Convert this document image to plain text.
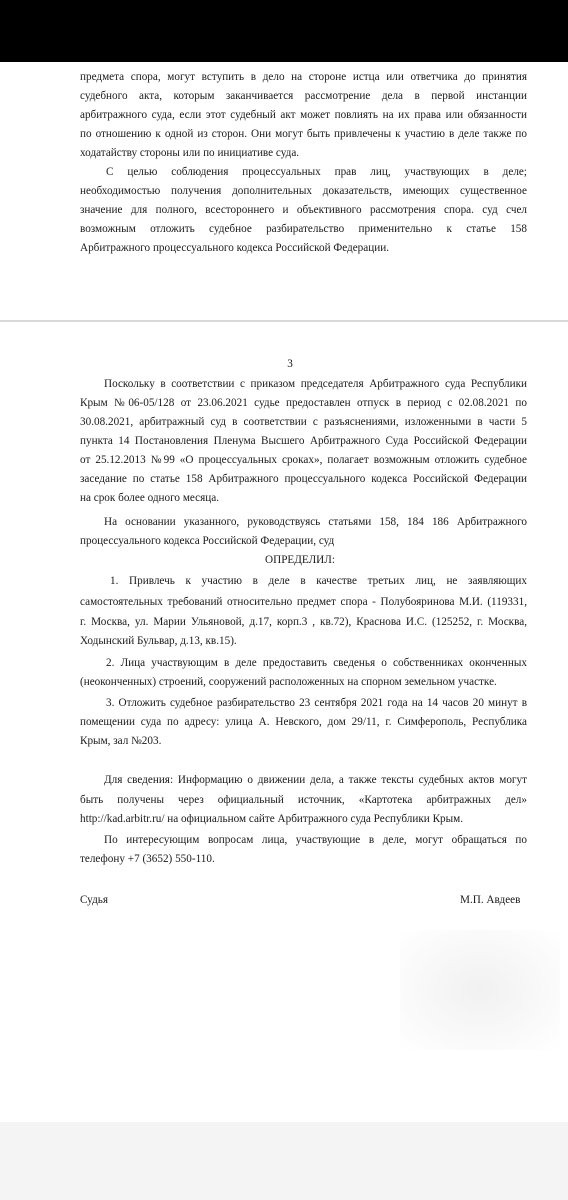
предмета спора, могут вступить в дело на стороне истца или ответчика до принятия
судебного акта, которым заканчивается рассмотрение дела в первой инстанции
арбитражного суда, если этот судебный акт может повлиять на их права или обязанности
по отношению к одной из сторон. Они могут быть привлечены к участию в деле также по
ходатайству стороны или по инициативе суда.
С целью соблюдения процессуальных прав лиц, участвующих в деле;
необходимостью получения дополнительных доказательств, имеющих существенное
значение для полного, всестороннего и объективного рассмотрения спора. суд счел
возможным отложить судебное разбирательство применительно к статье 158
Арбитражного процессуального кодекса Российской Федерации.
3
Поскольку в соответствии с приказом председателя Арбитражного суда Республики
Крым №06-05/128 от 23.06.2021 судье предоставлен отпуск в период с 02.08.2021 по
30.08.2021, арбитражный суд в соответствии с разъяснениями, изложенными в части 5
пункта 14 Постановления Пленума Высшего Арбитражного Суда Российской Федерации
от 25.12.2013 №99 «О процессуальных сроках», полагает возможным отложить судебное
заседание по статье 158 Арбитражного процессуального кодекса Российской Федерации
на срок более одного месяца.
На основании указанного, руководствуясь статьями 158, 184 186 Арбитражного
процессуального кодекса Российской Федерации, суд
ОПРЕДЕЛИЛ:
1. Привлечь к участию в деле в качестве третьих лиц, не заявляющих
самостоятельных требований относительно предмет спора - Полубояринова М.И. (119331,
г. Москва, ул. Марии Ульяновой, д.17, корп.3 , кв.72), Краснова И.С. (125252, г. Москва,
Ходынский Бульвар, д.13, кв.15).
2. Лица участвующим в деле предоставить сведенья о собственниках оконченных
(неоконченных) строений, сооружений расположенных на спорном земельном участке.
3. Отложить судебное разбирательство 23 сентября 2021 года на 14 часов 20 минут в
помещении суда по адресу: улица А. Невского, дом 29/11, г. Симферополь, Республика
Крым, зал №203.
Для сведения: Информацию о движении дела, а также тексты судебных актов могут
быть получены через официальный источник, «Картотека арбитражных дел»
http://kad.arbitr.ru/ на официальном сайте Арбитражного суда Республики Крым.
По интересующим вопросам лица, участвующие в деле, могут обращаться по
телефону +7 (3652) 550-110.
Судья	М.П. Авдеев
